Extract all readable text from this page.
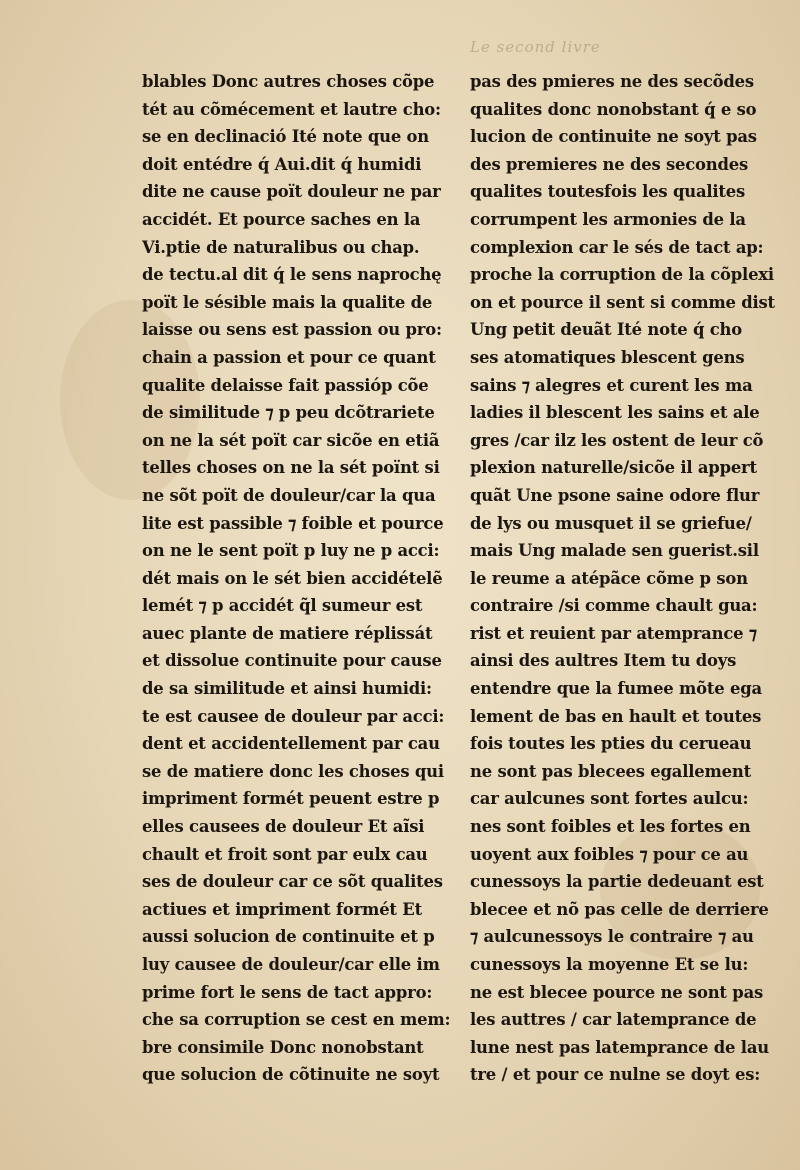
Le second livre
blables Donc autres choses cõpe
tét au cõmécement et lautre cho:
se en declinació Ité note que on
doit entédre q́ Aui.dit q́ humidi
dite ne cause poït douleur ne par
accidét. Et pource saches en la
Vi.ptie de naturalibus ou chap.
de tectu.al dit q́ le sens naprochę
poït le sésible mais la qualite de
laisse ou sens est passion ou pro:
chain a passion et pour ce quant
qualite delaisse fait passióp cõe
de similitude ⁊ p peu dcõtrariete
on ne la sét poït car sicõe en etiã
telles choses on ne la sét poïnt si
ne sõt poït de douleur/car la qua
lite est passible ⁊ foible et pource
on ne le sent poït p luy ne p acci:
dét mais on le sét bien accidételẽ
lemét ⁊ p accidét q̃l sumeur est
auec plante de matiere réplissát
et dissolue continuite pour cause
de sa similitude et ainsi humidi:
te est causee de douleur par acci:
dent et accidentellement par cau
se de matiere donc les choses qui
impriment formét peuent estre p
elles causees de douleur Et aĩsi
chault et froit sont par eulx cau
ses de douleur car ce sõt qualites
actiues et impriment formét Et
aussi solucion de continuite et p
luy causee de douleur/car elle im
prime fort le sens de tact appro:
che sa corruption se cest en mem:
bre consimile Donc nonobstant
que solucion de cõtinuite ne soyt
pas des pmieres ne des secõdes
qualites donc nonobstant q́ e so
lucion de continuite ne soyt pas
des premieres ne des secondes
qualites toutesfois les qualites
corrumpent les armonies de la
complexion car le sés de tact ap:
proche la corruption de la cõplexi
on et pource il sent si comme dist
Ung petit deuãt Ité note q́ cho
ses atomatiques blescent gens
sains ⁊ alegres et curent les ma
ladies il blescent les sains et ale
gres /car ilz les ostent de leur cõ
plexion naturelle/sicõe il appert
quãt Une psone saine odore flur
de lys ou musquet il se griefue/
mais Ung malade sen guerist.sil
le reume a atépãce cõme p son
contraire /si comme chault gua:
rist et reuient par atemprance ⁊
ainsi des aultres Item tu doys
entendre que la fumee mõte ega
lement de bas en hault et toutes
fois toutes les pties du cerueau
ne sont pas blecees egallement
car aulcunes sont fortes aulcu:
nes sont foibles et les fortes en
uoyent aux foibles ⁊ pour ce au
cunessoys la partie dedeuant est
blecee et nõ pas celle de derriere
⁊ aulcunessoys le contraire ⁊ au
cunessoys la moyenne Et se lu:
ne est blecee pource ne sont pas
les auttres / car latemprance de
lune nest pas latemprance de lau
tre / et pour ce nulne se doyt es:
